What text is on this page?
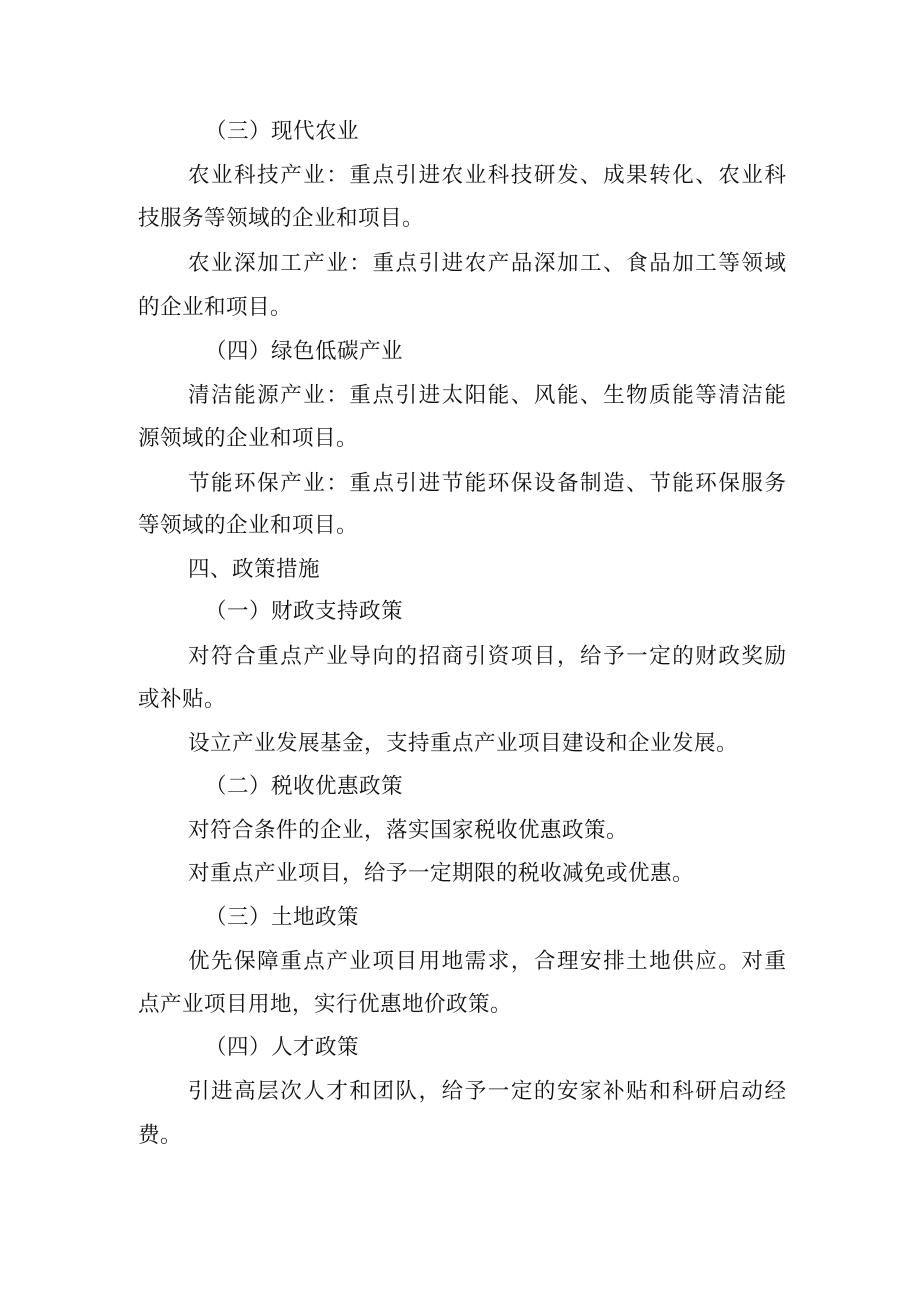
（三）现代农业
农业科技产业：重点引进农业科技研发、成果转化、农业科
技服务等领域的企业和项目。
农业深加工产业：重点引进农产品深加工、食品加工等领域
的企业和项目。
（四）绿色低碳产业
清洁能源产业：重点引进太阳能、风能、生物质能等清洁能
源领域的企业和项目。
节能环保产业：重点引进节能环保设备制造、节能环保服务
等领域的企业和项目。
四、政策措施
（一）财政支持政策
对符合重点产业导向的招商引资项目，给予一定的财政奖励
或补贴。
设立产业发展基金，支持重点产业项目建设和企业发展。
（二）税收优惠政策
对符合条件的企业，落实国家税收优惠政策。
对重点产业项目，给予一定期限的税收减免或优惠。
（三）土地政策
优先保障重点产业项目用地需求，合理安排土地供应。对重
点产业项目用地，实行优惠地价政策。
（四）人才政策
引进高层次人才和团队，给予一定的安家补贴和科研启动经
费。
